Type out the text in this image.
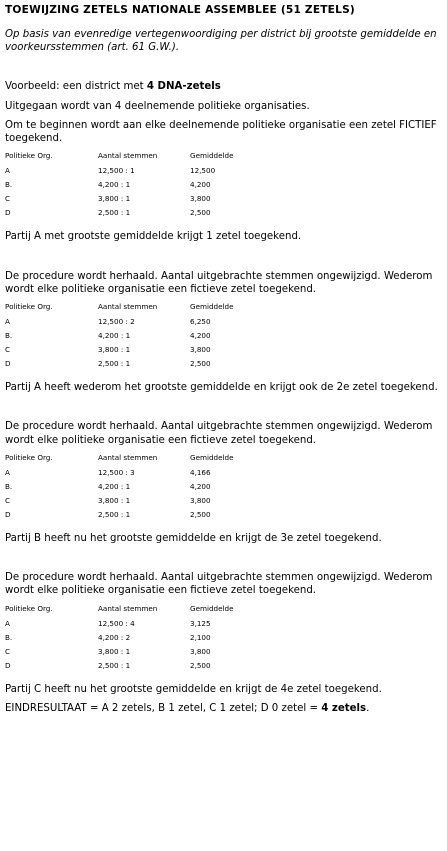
TOEWIJZING ZETELS NATIONALE ASSEMBLEE (51 ZETELS)
Op basis van evenredige vertegenwoordiging per district bij grootste gemiddelde en voorkeursstemmen (art. 61 G.W.).
Voorbeeld: een district met 4 DNA-zetels
Uitgegaan wordt van 4 deelnemende politieke organisaties.
Om te beginnen wordt aan elke deelnemende politieke organisatie een zetel FICTIEF toegekend.
Politieke Org.	Aantal stemmen	Gemiddelde
A	12,500 : 1	12,500
B.	4,200 : 1	4,200
C	3,800 : 1	3,800
D	2,500 : 1	2,500
Partij A met grootste gemiddelde krijgt 1 zetel toegekend.
De procedure wordt herhaald. Aantal uitgebrachte stemmen ongewijzigd. Wederom wordt elke politieke organisatie een fictieve zetel toegekend.
Politieke Org.	Aantal stemmen	Gemiddelde
A	12,500 : 2	6,250
B.	4,200 : 1	4,200
C	3,800 : 1	3,800
D	2,500 : 1	2,500
Partij A heeft wederom het grootste gemiddelde en krijgt ook de 2e zetel toegekend.
De procedure wordt herhaald. Aantal uitgebrachte stemmen ongewijzigd. Wederom wordt elke politieke organisatie een fictieve zetel toegekend.
Politieke Org.	Aantal stemmen	Gemiddelde
A	12,500 : 3	4,166
B.	4,200 : 1	4,200
C	3,800 : 1	3,800
D	2,500 : 1	2,500
Partij B heeft nu het grootste gemiddelde en krijgt de 3e zetel toegekend.
De procedure wordt herhaald. Aantal uitgebrachte stemmen ongewijzigd. Wederom wordt elke politieke organisatie een fictieve zetel toegekend.
Politieke Org.	Aantal stemmen	Gemiddelde
A	12,500 : 4	3,125
B.	4,200 : 2	2,100
C	3,800 : 1	3,800
D	2,500 : 1	2,500
Partij C heeft nu het grootste gemiddelde en krijgt de 4e zetel toegekend.
EINDRESULTAAT = A 2 zetels, B 1 zetel, C 1 zetel; D 0 zetel = 4 zetels.
